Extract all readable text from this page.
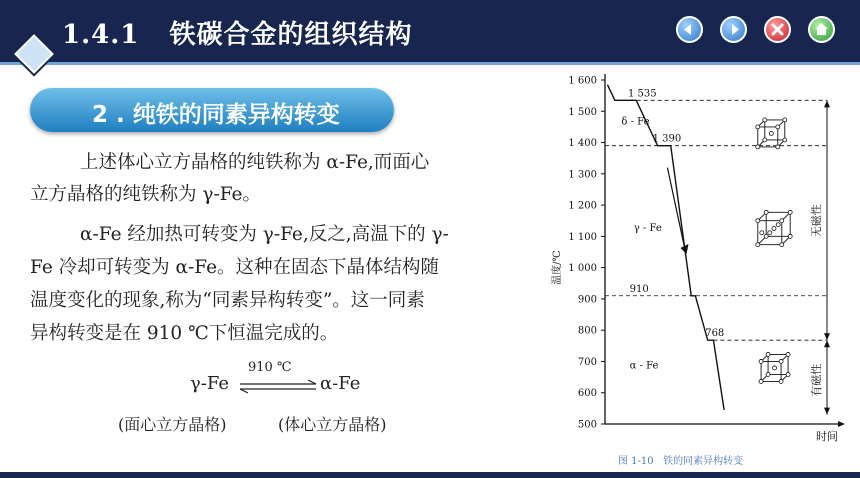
1.4.1   铁碳合金的组织结构
2 . 纯铁的同素异构转变
上述体心立方晶格的纯铁称为 α-Fe,而面心
立方晶格的纯铁称为 γ-Fe。
α-Fe 经加热可转变为 γ-Fe,反之,高温下的 γ-
Fe 冷却可转变为 α-Fe。这种在固态下晶体结构随
温度变化的现象,称为“同素异构转变”。这一同素
异构转变是在 910 ℃下恒温完成的。
γ-Fe
910 ℃
α-Fe
(面心立方晶格)	(体心立方晶格)	500
600
700
800
900
1 000
1 100
1 200
1 300
1 400
1 500
1 600
温度/℃
时间
1 535
1 390
910
768
无磁性
有磁性
δ - Fe
γ - Fe
α - Fe
图 1-10   铁的同素异构转变
